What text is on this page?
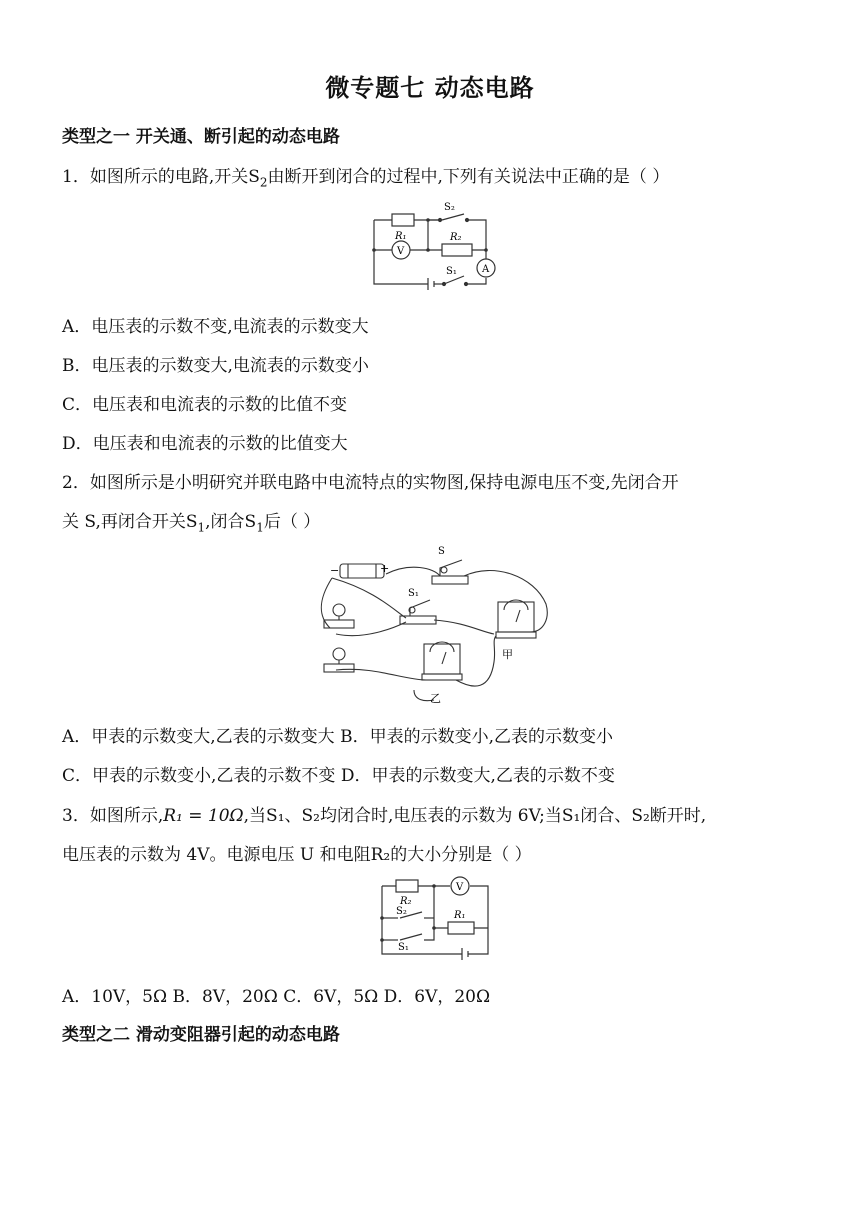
微专题七 动态电路
类型之一 开关通、断引起的动态电路
1．如图所示的电路,开关$S_2$由断开到闭合的过程中,下列有关说法中正确的是（ ）
S₂
R₁	R₂
S₁
V
A
A．电压表的示数不变,电流表的示数变大
B．电压表的示数变大,电流表的示数变小
C．电压表和电流表的示数的比值不变
D．电压表和电流表的示数的比值变大
2．如图所示是小明研究并联电路中电流特点的实物图,保持电源电压不变,先闭合开
关 S,再闭合开关$S_1$,闭合$S_1$后（ ）
−	+
S
S₁
甲
乙
A．甲表的示数变大,乙表的示数变大 B．甲表的示数变小,乙表的示数变小
C．甲表的示数变小,乙表的示数不变 D．甲表的示数变大,乙表的示数不变
3．如图所示,R₁ = 10Ω,当S₁、S₂均闭合时,电压表的示数为 6V;当S₁闭合、S₂断开时,
电压表的示数为 4V。电源电压 U 和电阻R₂的大小分别是（ ）
R₂
V
S₂	R₁
S₁
A．10V，5Ω B．8V，20Ω C．6V，5Ω D．6V，20Ω
类型之二 滑动变阻器引起的动态电路
